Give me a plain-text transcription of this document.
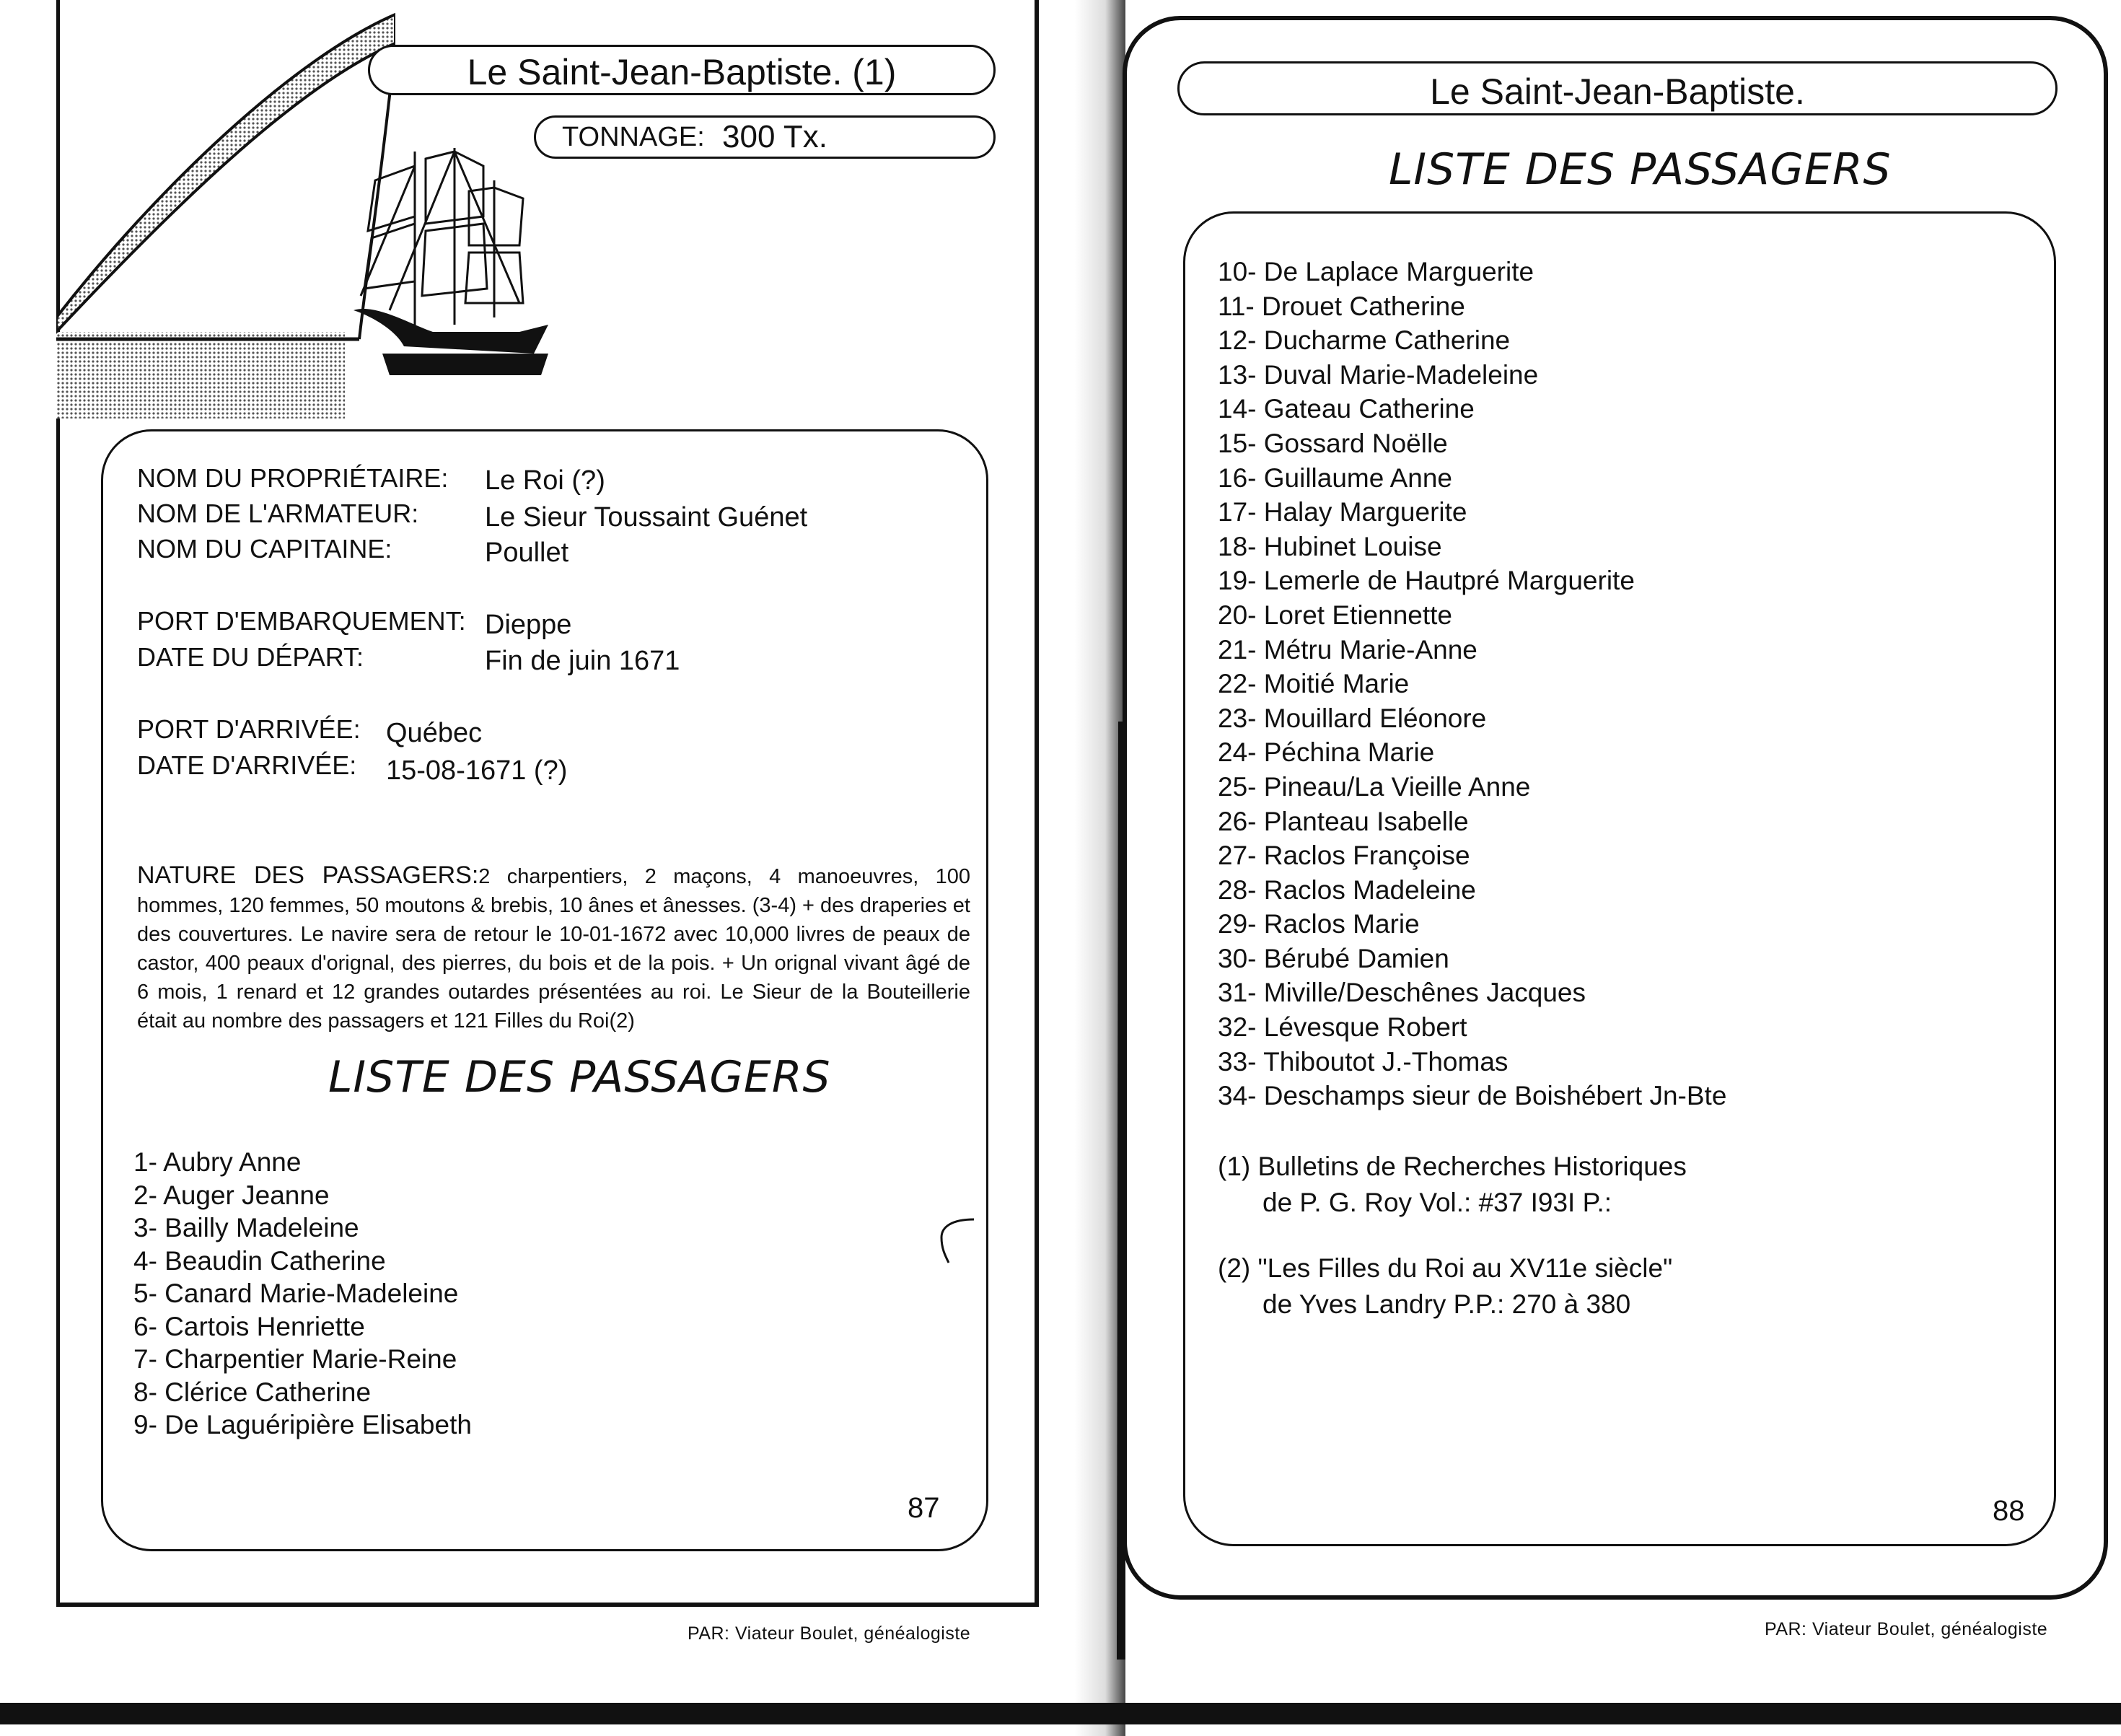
Le Saint-Jean-Baptiste. (1)
TONNAGE: 300 Tx.
NOM DU PROPRIÉTAIRE: Le Roi (?)
NOM DE L'ARMATEUR: Le Sieur Toussaint Guénet
NOM DU CAPITAINE:	Poullet
PORT D'EMBARQUEMENT: Dieppe
DATE DU DÉPART:	Fin de juin 1671
PORT D'ARRIVÉE: Québec
DATE D'ARRIVÉE: 15-08-1671 (?)
NATURE DES PASSAGERS:2 charpentiers, 2 maçons, 4 manoeuvres, 100 hommes, 120 femmes, 50 moutons & brebis, 10 ânes et ânesses. (3-4) + des draperies et des couvertures. Le navire sera de retour le 10-01-1672 avec 10,000 livres de peaux de castor, 400 peaux d'orignal, des pierres, du bois et de la pois. + Un orignal vivant âgé de 6 mois, 1 renard et 12 grandes outardes présentées au roi. Le Sieur de la Bouteillerie était au nombre des passagers et 121 Filles du Roi(2)
LISTE DES PASSAGERS
1- Aubry Anne
2- Auger Jeanne
3- Bailly Madeleine
4- Beaudin Catherine
5- Canard Marie-Madeleine
6- Cartois Henriette
7- Charpentier Marie-Reine
8- Clérice Catherine
9- De Laguéripière Elisabeth
87
PAR: Viateur Boulet, généalogiste
Le Saint-Jean-Baptiste.
LISTE DES PASSAGERS
10- De Laplace Marguerite
11- Drouet Catherine
12- Ducharme Catherine
13- Duval Marie-Madeleine
14- Gateau Catherine
15- Gossard Noëlle
16- Guillaume Anne
17- Halay Marguerite
18- Hubinet Louise
19- Lemerle de Hautpré Marguerite
20- Loret Etiennette
21- Métru Marie-Anne
22- Moitié Marie
23- Mouillard Eléonore
24- Péchina Marie
25- Pineau/La Vieille Anne
26- Planteau Isabelle
27- Raclos Françoise
28- Raclos Madeleine
29- Raclos Marie
30- Bérubé Damien
31- Miville/Deschênes Jacques
32- Lévesque Robert
33- Thiboutot J.-Thomas
34- Deschamps sieur de Boishébert Jn-Bte
(1) Bulletins de Recherches Historiques
de P. G. Roy Vol.: #37 I93I P.:
(2) "Les Filles du Roi au XV11e siècle"
de Yves Landry P.P.: 270 à 380
88
PAR: Viateur Boulet, généalogiste
